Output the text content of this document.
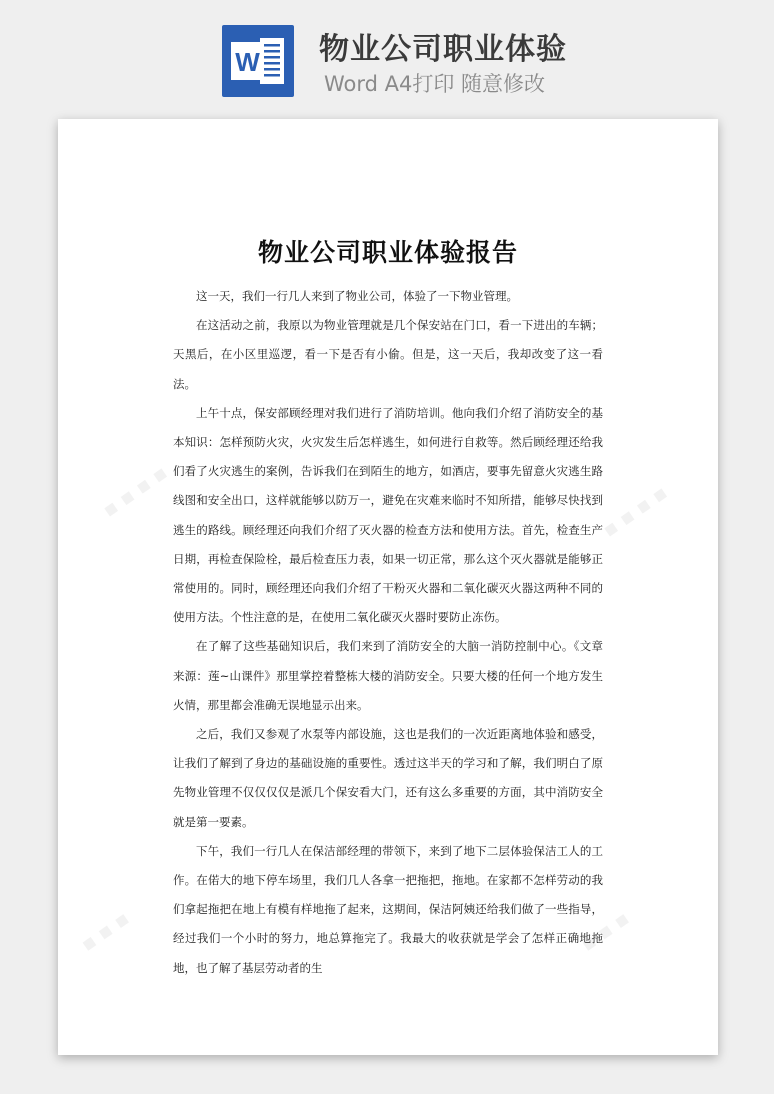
W 物业公司职业体验
Word A4打印 随意修改
▪ ▪ ▪ ▪	▪ ▪ ▪ ▪
▪ ▪ ▪	▪ ▪ ▪
物业公司职业体验报告

这一天，我们一行几人来到了物业公司，体验了一下物业管理。

在这活动之前，我原以为物业管理就是几个保安站在门口，看一下进出的车辆；天黑后，在小区里巡逻，看一下是否有小偷。但是，这一天后，我却改变了这一看法。

上午十点，保安部顾经理对我们进行了消防培训。他向我们介绍了消防安全的基本知识：怎样预防火灾，火灾发生后怎样逃生，如何进行自救等。然后顾经理还给我们看了火灾逃生的案例，告诉我们在到陌生的地方，如酒店，要事先留意火灾逃生路线图和安全出口，这样就能够以防万一，避免在灾难来临时不知所措，能够尽快找到逃生的路线。顾经理还向我们介绍了灭火器的检查方法和使用方法。首先，检查生产日期，再检查保险栓，最后检查压力表，如果一切正常，那么这个灭火器就是能够正常使用的。同时，顾经理还向我们介绍了干粉灭火器和二氧化碳灭火器这两种不同的使用方法。个性注意的是，在使用二氧化碳灭火器时要防止冻伤。

在了解了这些基础知识后，我们来到了消防安全的大脑一消防控制中心。《文章来源：莲~山课件》那里掌控着整栋大楼的消防安全。只要大楼的任何一个地方发生火情，那里都会准确无误地显示出来。

之后，我们又参观了水泵等内部设施，这也是我们的一次近距离地体验和感受，让我们了解到了身边的基础设施的重要性。透过这半天的学习和了解，我们明白了原先物业管理不仅仅仅仅是派几个保安看大门，还有这么多重要的方面，其中消防安全就是第一要素。

下午，我们一行几人在保洁部经理的带领下，来到了地下二层体验保洁工人的工作。在偌大的地下停车场里，我们几人各拿一把拖把，拖地。在家都不怎样劳动的我们拿起拖把在地上有模有样地拖了起来，这期间，保洁阿姨还给我们做了一些指导，经过我们一个小时的努力，地总算拖完了。我最大的收获就是学会了怎样正确地拖地，也了解了基层劳动者的生
